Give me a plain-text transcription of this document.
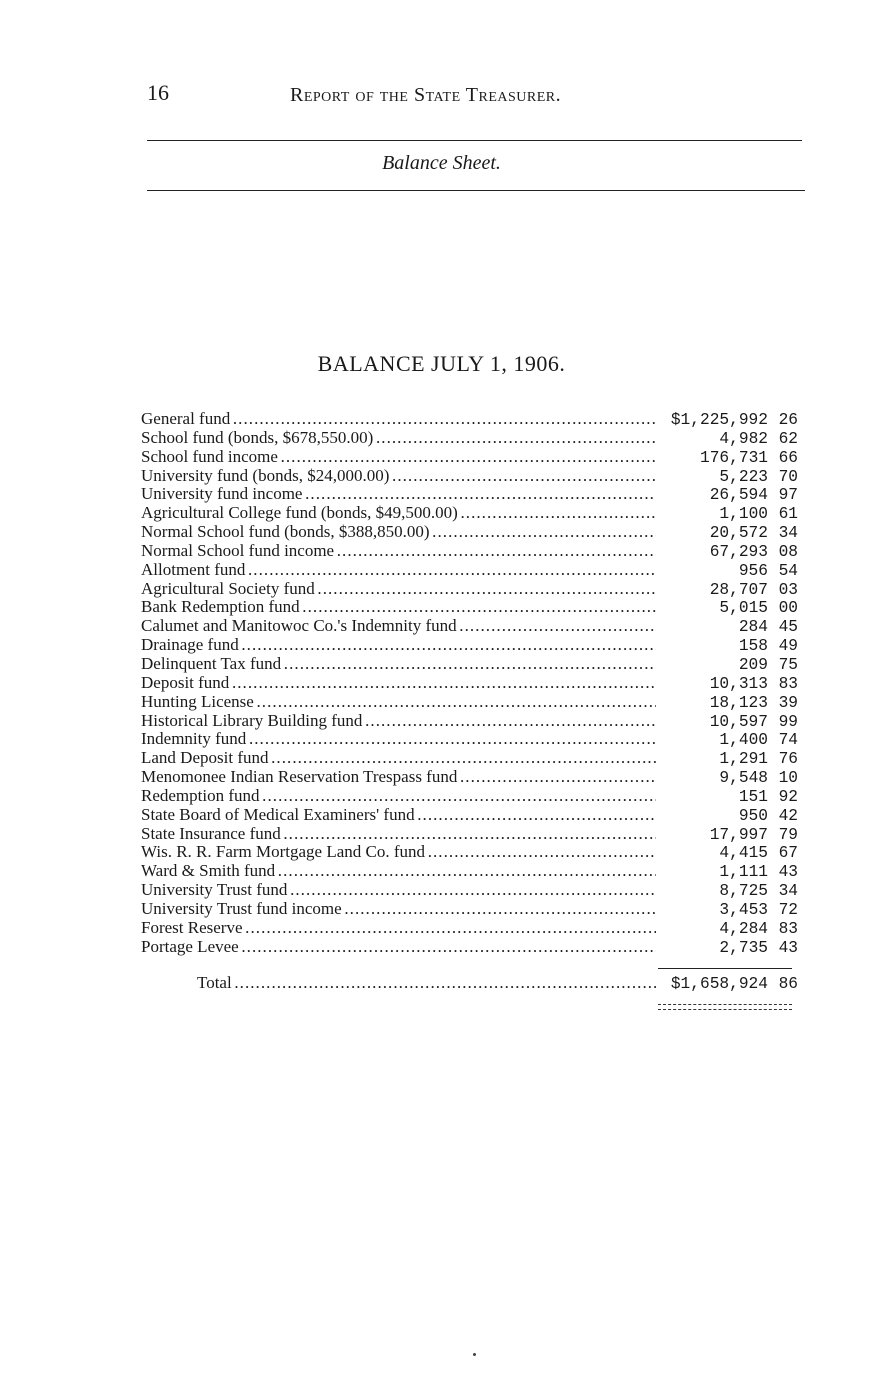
16	Report of the State Treasurer.
Balance Sheet.
BALANCE JULY 1, 1906.
General fund . . .	$1,225,992 26
School fund (bonds, $678,550.00) . . .	4,982 62
School fund income . . .	176,731 66
University fund (bonds, $24,000.00) . . .	5,223 70
University fund income . . .	26,594 97
Agricultural College fund (bonds, $49,500.00) . . .	1,100 61
Normal School fund (bonds, $388,850.00) . . .	20,572 34
Normal School fund income . . .	67,293 08
Allotment fund . . .	956 54
Agricultural Society fund . . .	28,707 03
Bank Redemption fund . . .	5,015 00
Calumet and Manitowoc Co.'s Indemnity fund . . .	284 45
Drainage fund . . .	158 49
Delinquent Tax fund . . .	209 75
Deposit fund . . .	10,313 83
Hunting License . . .	18,123 39
Historical Library Building fund . . .	10,597 99
Indemnity fund . . .	1,400 74
Land Deposit fund . . .	1,291 76
Menomonee Indian Reservation Trespass fund . . .	9,548 10
Redemption fund . . .	151 92
State Board of Medical Examiners' fund . . .	950 42
State Insurance fund . . .	17,997 79
Wis. R. R. Farm Mortgage Land Co. fund . . .	4,415 67
Ward & Smith fund . . .	1,111 43
University Trust fund . . .	8,725 34
University Trust fund income . . .	3,453 72
Forest Reserve . . .	4,284 83
Portage Levee . . .	2,735 43
Total . . .	$1,658,924 86
